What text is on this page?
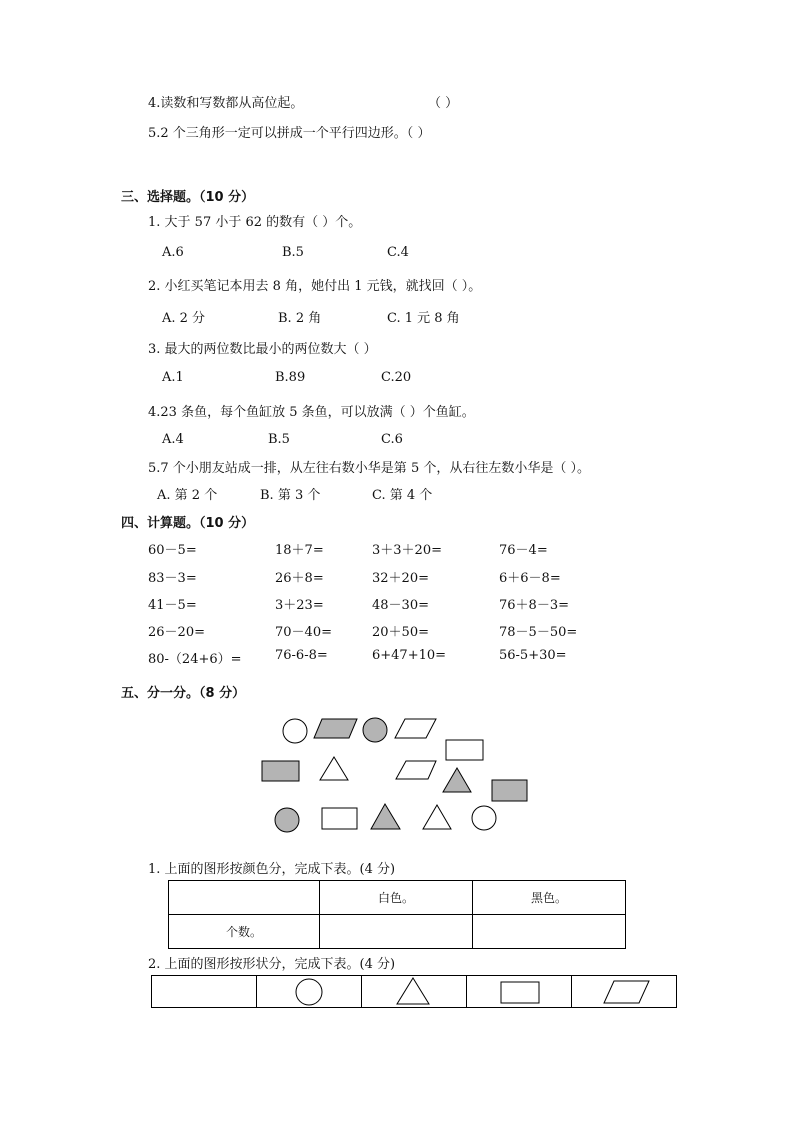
4.读数和写数都从高位起。	（ ）
5.2 个三角形一定可以拼成一个平行四边形。（ ）
三、选择题。（10 分）
1. 大于 57 小于 62 的数有（ ）个。
A.6	B.5	C.4
2. 小红买笔记本用去 8 角，她付出 1 元钱，就找回（ ）。
A. 2 分	B. 2 角	C. 1 元 8 角
3. 最大的两位数比最小的两位数大（ ）
A.1	B.89	C.20
4.23 条鱼，每个鱼缸放 5 条鱼，可以放满（ ）个鱼缸。
A.4	B.5	C.6
5.7 个小朋友站成一排，从左往右数小华是第 5 个，从右往左数小华是（ ）。
A. 第 2 个	B. 第 3 个	C. 第 4 个
四、计算题。（10 分）
60－5=	18＋7=	3＋3＋20=	76－4=
83－3=	26＋8=	32＋20=	6＋6－8=
41－5=	3＋23=	48－30=	76＋8－3=
26－20=	70－40=	20＋50=	78－5－50=
80-（24+6）=	76-6-8=	6+47+10=	56-5+30=
五、分一分。（8 分）
1. 上面的图形按颜色分，完成下表。(4 分)
	白色。	黑色。
个数。		
2. 上面的图形按形状分，完成下表。(4 分)
